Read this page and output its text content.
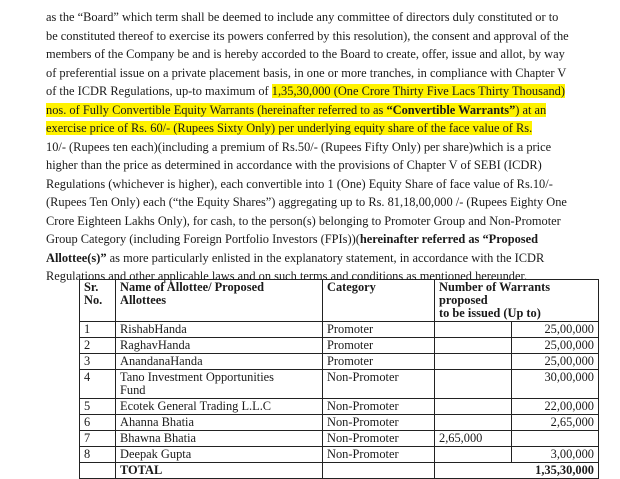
as the “Board” which term shall be deemed to include any committee of directors duly constituted or to
be constituted thereof to exercise its powers conferred by this resolution), the consent and approval of the
members of the Company be and is hereby accorded to the Board to create, offer, issue and allot, by way
of preferential issue on a private placement basis, in one or more tranches, in compliance with Chapter V
of the ICDR Regulations, up-to maximum of 1,35,30,000 (One Crore Thirty Five Lacs Thirty Thousand)
nos. of Fully Convertible Equity Warrants (hereinafter referred to as “Convertible Warrants”) at an
exercise price of Rs. 60/- (Rupees Sixty Only) per underlying equity share of the face value of Rs.
10/- (Rupees ten each)(including a premium of Rs.50/- (Rupees Fifty Only) per share)which is a price
higher than the price as determined in accordance with the provisions of Chapter V of SEBI (ICDR)
Regulations (whichever is higher), each convertible into 1 (One) Equity Share of face value of Rs.10/-
(Rupees Ten Only) each (“the Equity Shares”) aggregating up to Rs. 81,18,00,000 /- (Rupees Eighty One
Crore Eighteen Lakhs Only), for cash, to the person(s) belonging to Promoter Group and Non-Promoter
Group Category (including Foreign Portfolio Investors (FPIs))(hereinafter referred as “Proposed
Allottee(s)” as more particularly enlisted in the explanatory statement, in accordance with the ICDR
Regulations and other applicable laws and on such terms and conditions as mentioned hereunder.
Sr.
No.	Name of Allottee/ Proposed
Allottees	Category	Number of Warrants proposed
to be issued (Up to)	
1	RishabHanda	Promoter		25,00,000
2	RaghavHanda	Promoter		25,00,000
3	AnandanaHanda	Promoter		25,00,000
4	Tano Investment Opportunities
Fund	Non-Promoter		30,00,000
5	Ecotek General Trading L.L.C	Non-Promoter		22,00,000
6	Ahanna Bhatia	Non-Promoter		2,65,000
7	Bhawna Bhatia	Non-Promoter	2,65,000	
8	Deepak Gupta	Non-Promoter		3,00,000
	TOTAL		1,35,30,000	
